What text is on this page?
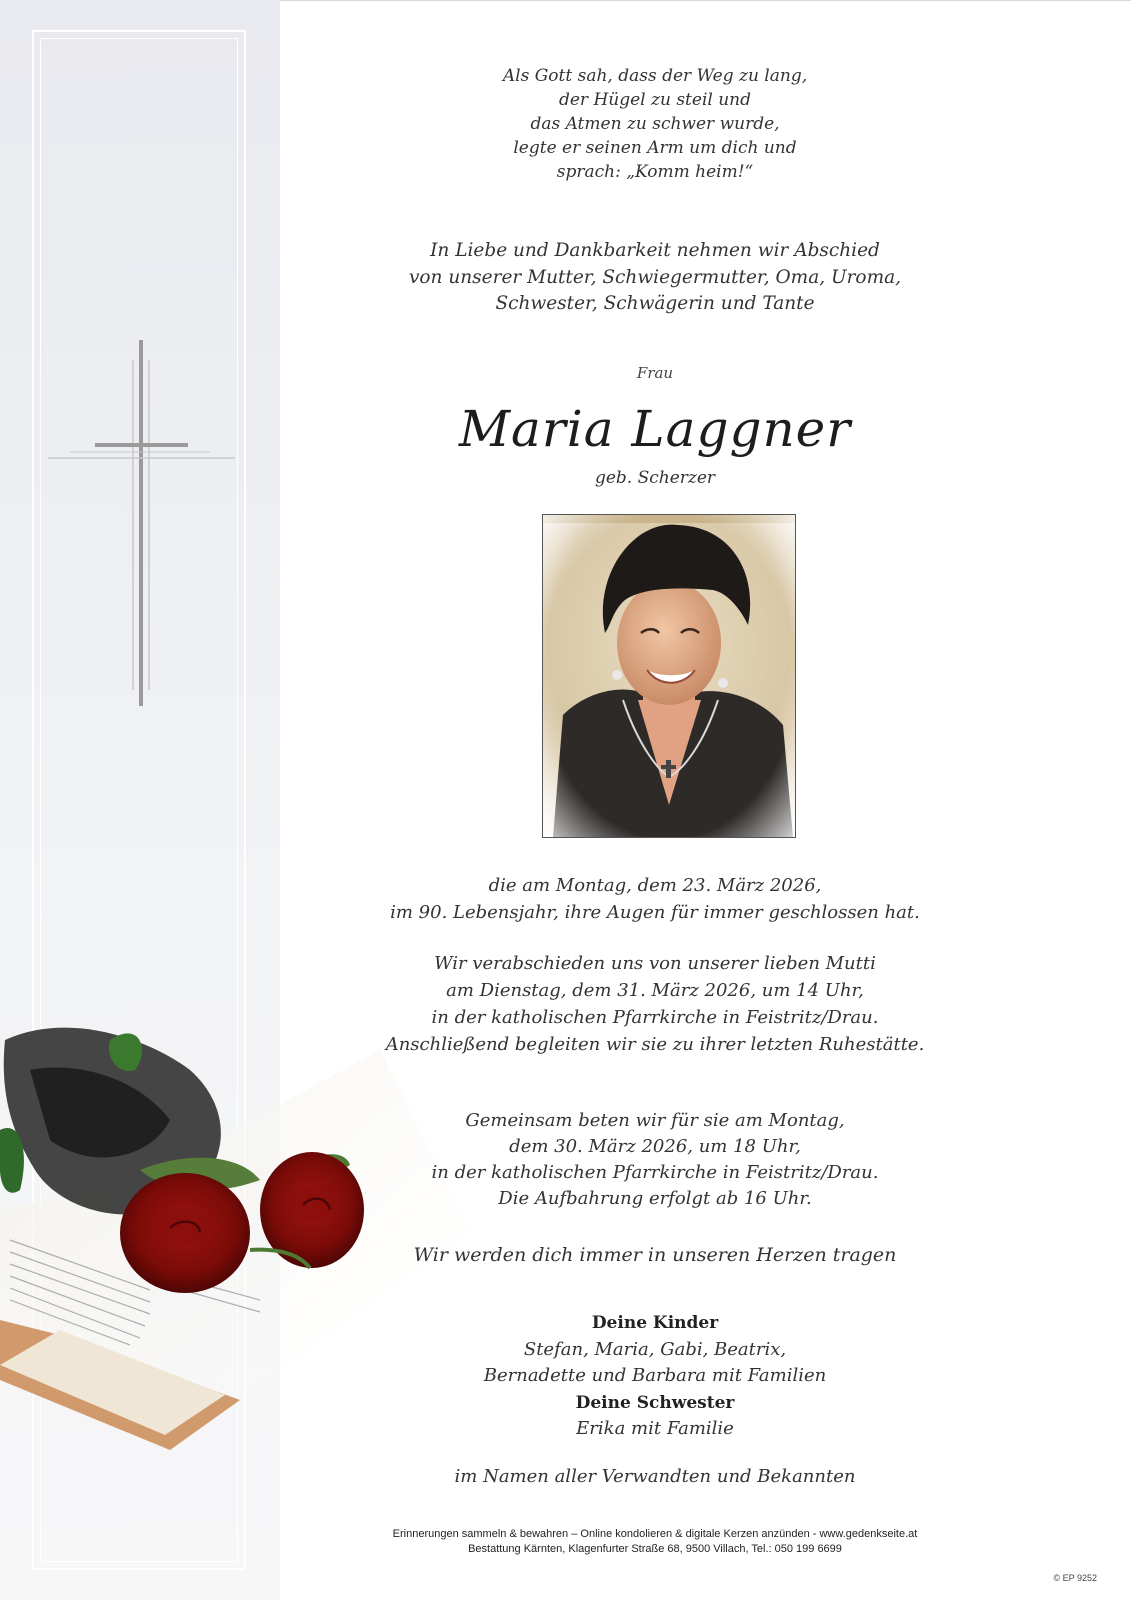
Als Gott sah, dass der Weg zu lang,
der Hügel zu steil und
das Atmen zu schwer wurde,
legte er seinen Arm um dich und
sprach: „Komm heim!“
In Liebe und Dankbarkeit nehmen wir Abschied
von unserer Mutter, Schwiegermutter, Oma, Uroma,
Schwester, Schwägerin und Tante
Frau
Maria Laggner
geb. Scherzer
die am Montag, dem 23. März 2026,
im 90. Lebensjahr, ihre Augen für immer geschlossen hat.
Wir verabschieden uns von unserer lieben Mutti
am Dienstag, dem 31. März 2026, um 14 Uhr,
in der katholischen Pfarrkirche in Feistritz/Drau.
Anschließend begleiten wir sie zu ihrer letzten Ruhestätte.
Gemeinsam beten wir für sie am Montag,
dem 30. März 2026, um 18 Uhr,
in der katholischen Pfarrkirche in Feistritz/Drau.
Die Aufbahrung erfolgt ab 16 Uhr.
Wir werden dich immer in unseren Herzen tragen
Deine Kinder
Stefan, Maria, Gabi, Beatrix,
Bernadette und Barbara mit Familien
Deine Schwester
Erika mit Familie
im Namen aller Verwandten und Bekannten
Erinnerungen sammeln & bewahren – Online kondolieren & digitale Kerzen anzünden - www.gedenkseite.at
Bestattung Kärnten, Klagenfurter Straße 68, 9500 Villach, Tel.: 050 199 6699
© EP 9252
